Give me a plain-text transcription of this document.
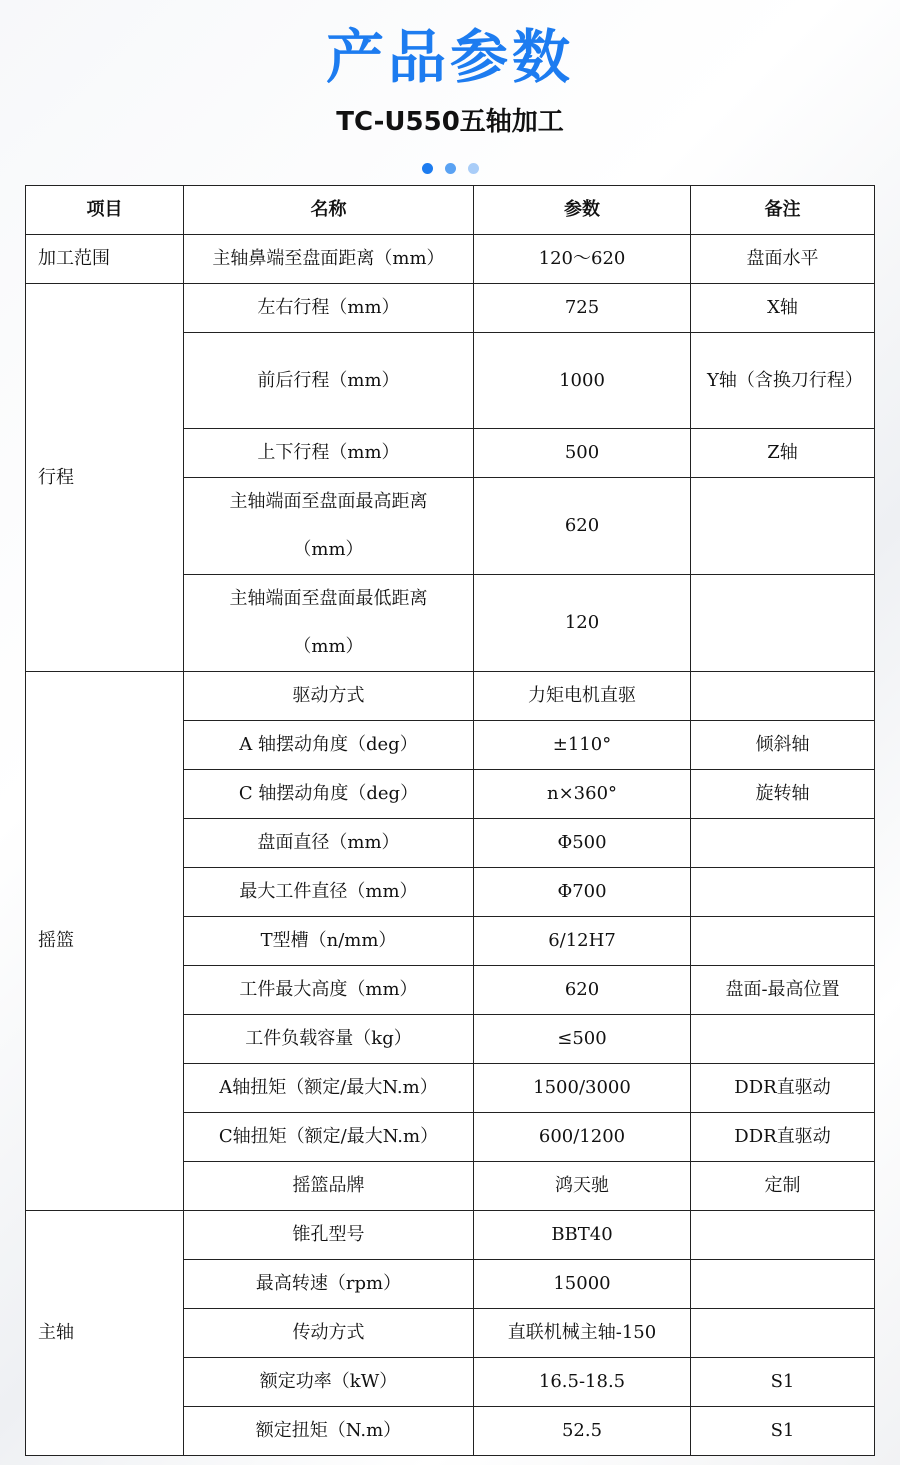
产品参数
TC-U550五轴加工
项目	名称	参数	备注
加工范围	主轴鼻端至盘面距离（mm）	120～620	盘面水平
行程	左右行程（mm）	725	X轴
	前后行程（mm）	1000	Y轴（含换刀行程）
	上下行程（mm）	500	Z轴
	主轴端面至盘面最高距离（mm）	620	
	主轴端面至盘面最低距离（mm）	120	
摇篮	驱动方式	力矩电机直驱	
	A 轴摆动角度（deg）	±110°	倾斜轴
	C 轴摆动角度（deg）	n×360°	旋转轴
	盘面直径（mm）	Φ500	
	最大工件直径（mm）	Φ700	
	T型槽（n/mm）	6/12H7	
	工件最大高度（mm）	620	盘面-最高位置
	工件负载容量（kg）	≤500	
	A轴扭矩（额定/最大N.m）	1500/3000	DDR直驱动
	C轴扭矩（额定/最大N.m）	600/1200	DDR直驱动
	摇篮品牌	鸿天驰	定制
主轴	锥孔型号	BBT40	
	最高转速（rpm）	15000	
	传动方式	直联机械主轴-150	
	额定功率（kW）	16.5-18.5	S1
	额定扭矩（N.m）	52.5	S1
